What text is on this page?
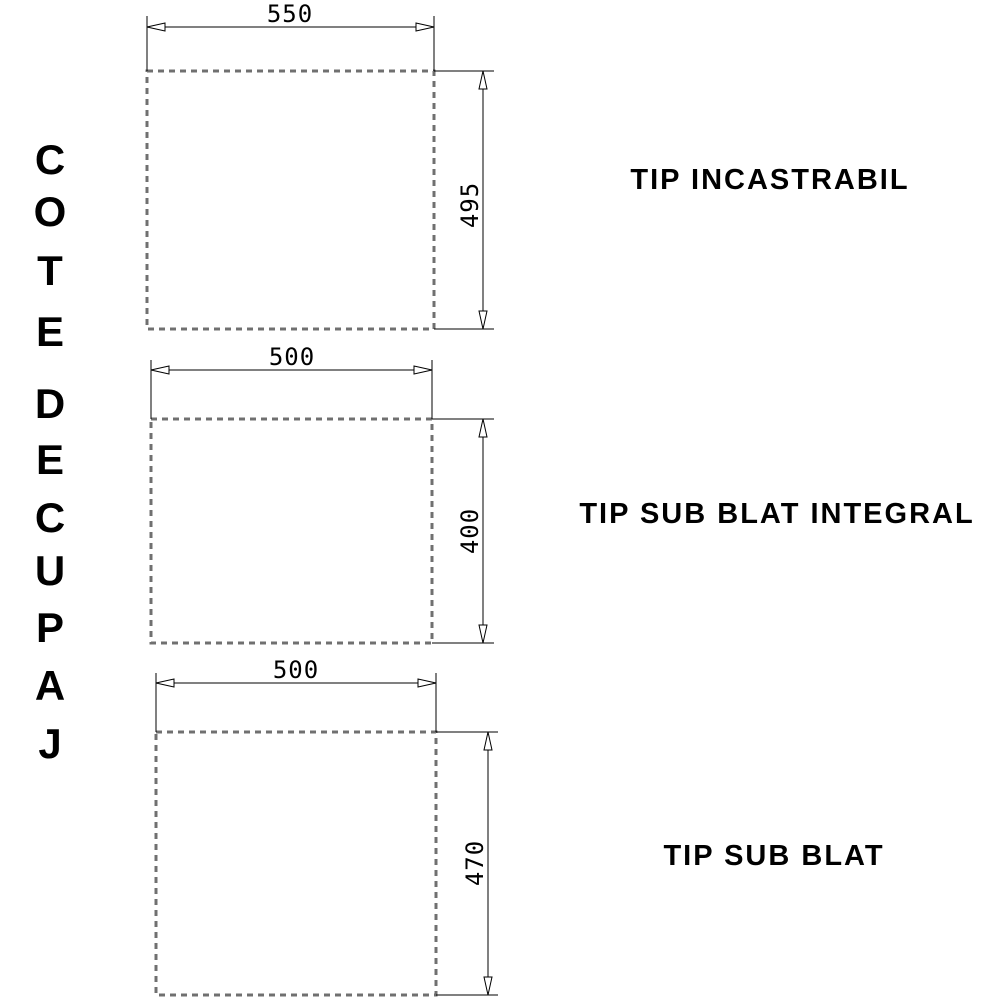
C
O
T
E
D
E
C
U
P
A
J
550
495
TIP INCASTRABIL
500
400	TIP SUB BLAT INTEGRAL
500
470	TIP SUB BLAT
